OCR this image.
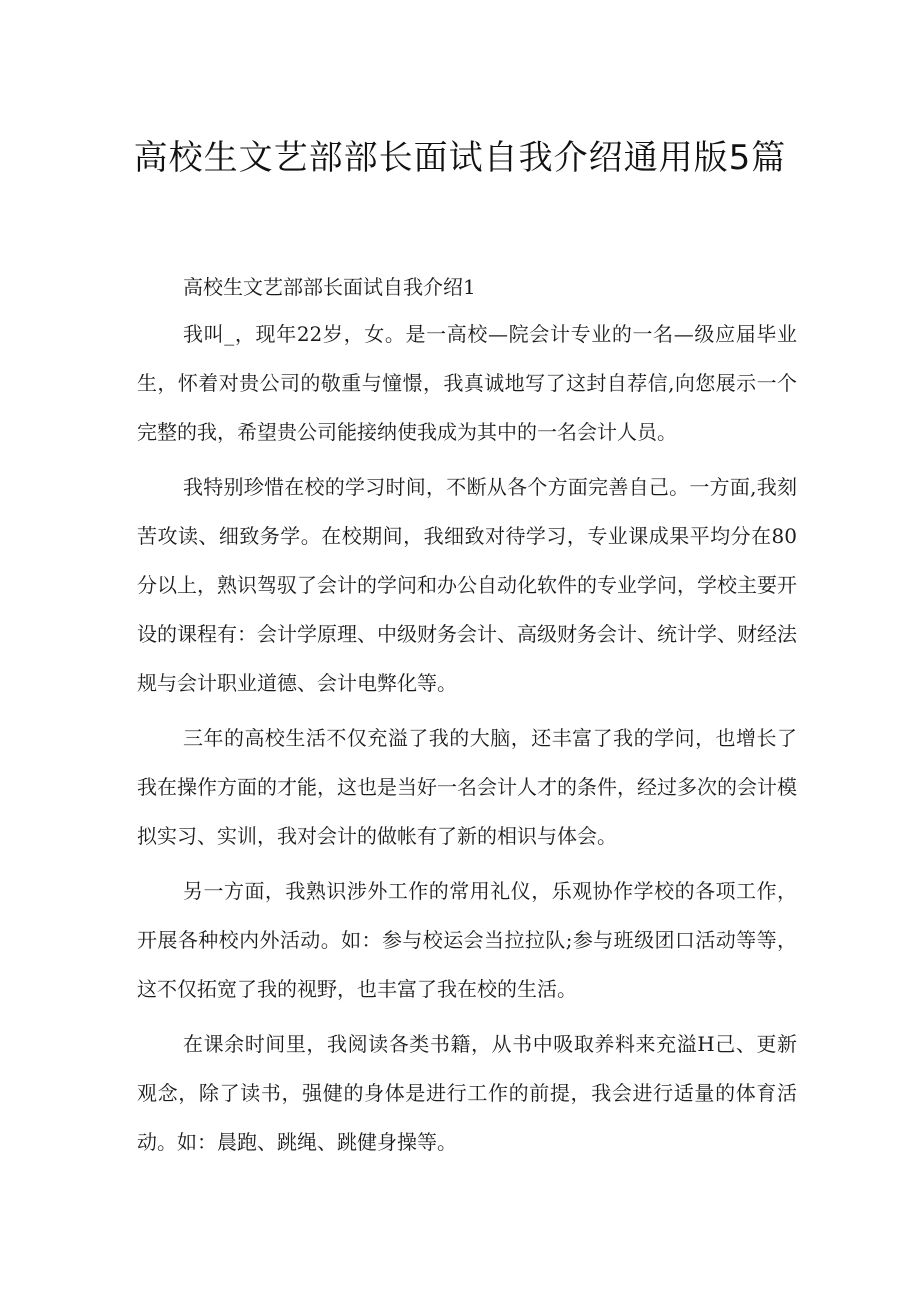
高校生文艺部部长面试自我介绍通用版5篇

高校生文艺部部长面试自我介绍1

我叫_，现年22岁，女。是一高校—院会计专业的一名—级应届毕业生，怀着对贵公司的敬重与憧憬，我真诚地写了这封自荐信,向您展示一个完整的我，希望贵公司能接纳使我成为其中的一名会计人员。

我特别珍惜在校的学习时间，不断从各个方面完善自己。一方面,我刻苦攻读、细致务学。在校期间，我细致对待学习，专业课成果平均分在80分以上，熟识驾驭了会计的学问和办公自动化软件的专业学问，学校主要开设的课程有：会计学原理、中级财务会计、高级财务会计、统计学、财经法规与会计职业道德、会计电弊化等。

三年的高校生活不仅充溢了我的大脑，还丰富了我的学问，也增长了我在操作方面的才能，这也是当好一名会计人才的条件，经过多次的会计模拟实习、实训，我对会计的做帐有了新的相识与体会。

另一方面，我熟识涉外工作的常用礼仪，乐观协作学校的各项工作，开展各种校内外活动。如：参与校运会当拉拉队;参与班级团口活动等等，这不仅拓宽了我的视野，也丰富了我在校的生活。

在课余时间里，我阅读各类书籍，从书中吸取养料来充溢H己、更新观念，除了读书，强健的身体是进行工作的前提，我会进行适量的体育活动。如：晨跑、跳绳、跳健身操等。
